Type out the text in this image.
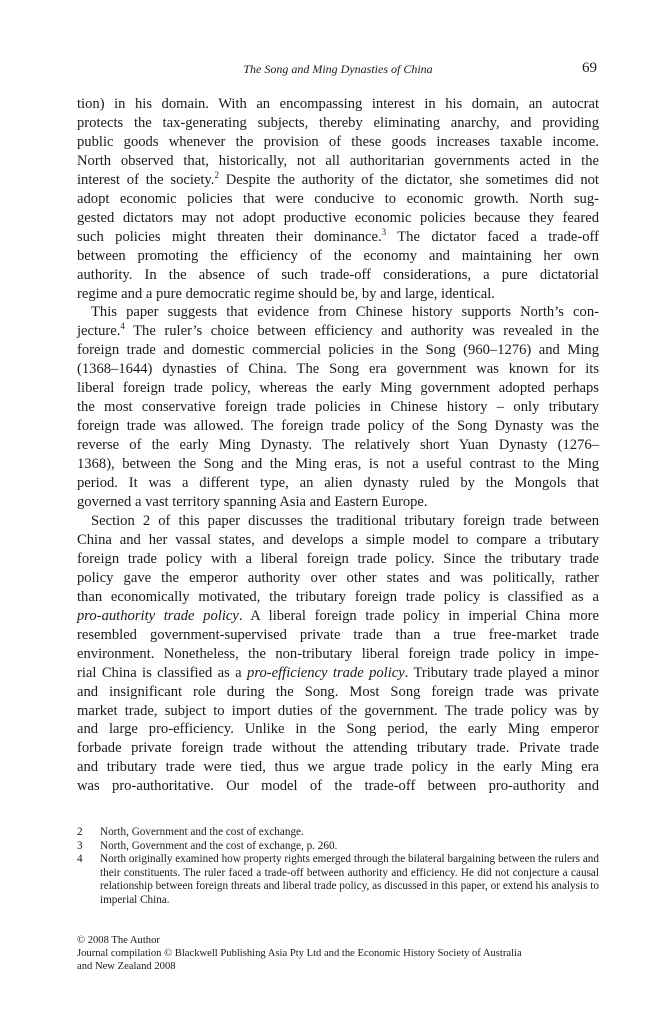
The Song and Ming Dynasties of China	69
tion) in his domain. With an encompassing interest in his domain, an autocrat
protects the tax-generating subjects, thereby eliminating anarchy, and providing
public goods whenever the provision of these goods increases taxable income.
North observed that, historically, not all authoritarian governments acted in the
interest of the society.$^2$ Despite the authority of the dictator, she sometimes did not
adopt economic policies that were conducive to economic growth. North sug-
gested dictators may not adopt productive economic policies because they feared
such policies might threaten their dominance.$^3$ The dictator faced a trade-off
between promoting the efficiency of the economy and maintaining her own
authority. In the absence of such trade-off considerations, a pure dictatorial
regime and a pure democratic regime should be, by and large, identical.
This paper suggests that evidence from Chinese history supports North’s con-
jecture.$^4$ The ruler’s choice between efficiency and authority was revealed in the
foreign trade and domestic commercial policies in the Song (960–1276) and Ming
(1368–1644) dynasties of China. The Song era government was known for its
liberal foreign trade policy, whereas the early Ming government adopted perhaps
the most conservative foreign trade policies in Chinese history – only tributary
foreign trade was allowed. The foreign trade policy of the Song Dynasty was the
reverse of the early Ming Dynasty. The relatively short Yuan Dynasty (1276–
1368), between the Song and the Ming eras, is not a useful contrast to the Ming
period. It was a different type, an alien dynasty ruled by the Mongols that
governed a vast territory spanning Asia and Eastern Europe.
Section 2 of this paper discusses the traditional tributary foreign trade between
China and her vassal states, and develops a simple model to compare a tributary
foreign trade policy with a liberal foreign trade policy. Since the tributary trade
policy gave the emperor authority over other states and was politically, rather
than economically motivated, the tributary foreign trade policy is classified as a
pro-authority trade policy. A liberal foreign trade policy in imperial China more
resembled government-supervised private trade than a true free-market trade
environment. Nonetheless, the non-tributary liberal foreign trade policy in impe-
rial China is classified as a pro-efficiency trade policy. Tributary trade played a minor
and insignificant role during the Song. Most Song foreign trade was private
market trade, subject to import duties of the government. The trade policy was by
and large pro-efficiency. Unlike in the Song period, the early Ming emperor
forbade private foreign trade without the attending tributary trade. Private trade
and tributary trade were tied, thus we argue trade policy in the early Ming era
was pro-authoritative. Our model of the trade-off between pro-authority and
2	North, Government and the cost of exchange.
3	North, Government and the cost of exchange, p. 260.
4	North originally examined how property rights emerged through the bilateral bargaining between the rulers and their constituents. The ruler faced a trade-off between authority and efficiency. He did not conjecture a causal relationship between foreign threats and liberal trade policy, as discussed in this paper, or extend his analysis to imperial China.
© 2008 The Author
Journal compilation © Blackwell Publishing Asia Pty Ltd and the Economic History Society of Australia
and New Zealand 2008
